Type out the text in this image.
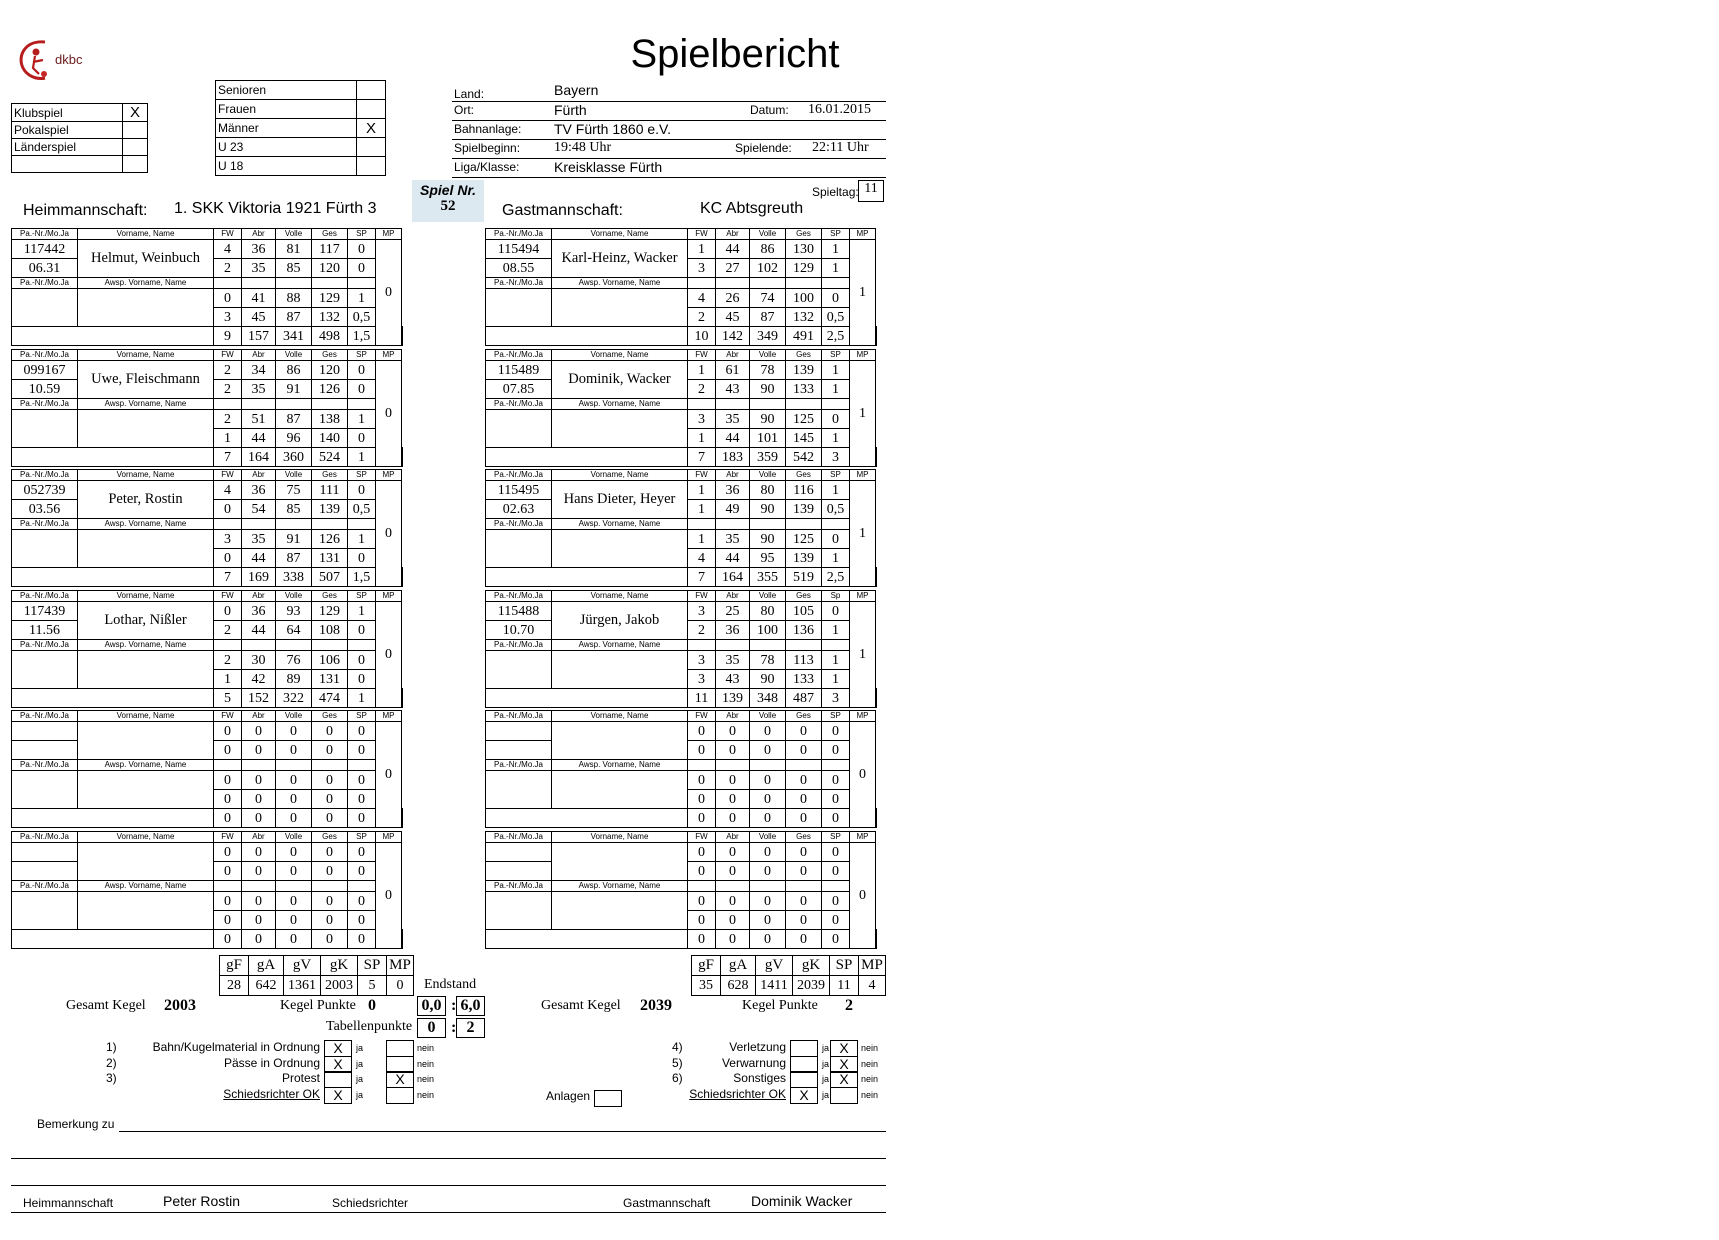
dkbc	Spielbericht
Klubspiel	X
Pokalspiel	
Länderspiel	

Senioren	
Frauen	
Männer	X
U 23	
U 18	
Land:	Bayern
Ort:	Fürth	Datum: 16.01.2015
Bahnanlage: TV Fürth 1860 e.V.
Spielbeginn: 19:48 Uhr	Spielende: 22:11 Uhr
Liga/Klasse: Kreisklasse Fürth
Spiel Nr.
52
Spieltag: 11
Heimmannschaft: 1. SKK Viktoria 1921 Fürth 3	Gastmannschaft:	KC Abtsgreuth
Pa.-Nr./Mo.Ja	Vorname, Name	FW	Abr	Volle	Ges	SP	MP	
117442	Helmut, Weinbuch	4	36	81	117	0	0	
06.31		2	35	85	120	0		
Pa.-Nr./Mo.Ja	Awsp. Vorname, Name							
		0	41	88	129	1		
		3	45	87	132	0,5		
		9	157	341	498	1,5		
Pa.-Nr./Mo.Ja	Vorname, Name	FW	Abr	Volle	Ges	SP	MP	
099167	Uwe, Fleischmann	2	34	86	120	0	0	
10.59		2	35	91	126	0		
Pa.-Nr./Mo.Ja	Awsp. Vorname, Name							
		2	51	87	138	1		
		1	44	96	140	0		
		7	164	360	524	1		
Pa.-Nr./Mo.Ja	Vorname, Name	FW	Abr	Volle	Ges	SP	MP	
052739	Peter, Rostin	4	36	75	111	0	0	
03.56		0	54	85	139	0,5		
Pa.-Nr./Mo.Ja	Awsp. Vorname, Name							
		3	35	91	126	1		
		0	44	87	131	0		
		7	169	338	507	1,5		
Pa.-Nr./Mo.Ja	Vorname, Name	FW	Abr	Volle	Ges	SP	MP	
117439	Lothar, Nißler	0	36	93	129	1	0	
11.56		2	44	64	108	0		
Pa.-Nr./Mo.Ja	Awsp. Vorname, Name							
		2	30	76	106	0		
		1	42	89	131	0		
		5	152	322	474	1		
Pa.-Nr./Mo.Ja	Vorname, Name	FW	Abr	Volle	Ges	SP	MP	
		0	0	0	0	0	0	
		0	0	0	0	0		
Pa.-Nr./Mo.Ja	Awsp. Vorname, Name							
		0	0	0	0	0		
		0	0	0	0	0		
		0	0	0	0	0		
Pa.-Nr./Mo.Ja	Vorname, Name	FW	Abr	Volle	Ges	SP	MP	
		0	0	0	0	0	0	
		0	0	0	0	0		
Pa.-Nr./Mo.Ja	Awsp. Vorname, Name							
		0	0	0	0	0		
		0	0	0	0	0		
		0	0	0	0	0		
Pa.-Nr./Mo.Ja	Vorname, Name	FW	Abr	Volle	Ges	SP	MP	
115494	Karl-Heinz, Wacker	1	44	86	130	1	1	
08.55		3	27	102	129	1		
Pa.-Nr./Mo.Ja	Awsp. Vorname, Name							
		4	26	74	100	0		
		2	45	87	132	0,5		
		10	142	349	491	2,5		
Pa.-Nr./Mo.Ja	Vorname, Name	FW	Abr	Volle	Ges	SP	MP	
115489	Dominik, Wacker	1	61	78	139	1	1	
07.85		2	43	90	133	1		
Pa.-Nr./Mo.Ja	Awsp. Vorname, Name							
		3	35	90	125	0		
		1	44	101	145	1		
		7	183	359	542	3		
Pa.-Nr./Mo.Ja	Vorname, Name	FW	Abr	Volle	Ges	SP	MP	
115495	Hans Dieter, Heyer	1	36	80	116	1	1	
02.63		1	49	90	139	0,5		
Pa.-Nr./Mo.Ja	Awsp. Vorname, Name							
		1	35	90	125	0		
		4	44	95	139	1		
		7	164	355	519	2,5		
Pa.-Nr./Mo.Ja	Vorname, Name	FW	Abr	Volle	Ges	Sp	MP	
115488	Jürgen, Jakob	3	25	80	105	0	1	
10.70		2	36	100	136	1		
Pa.-Nr./Mo.Ja	Awsp. Vorname, Name							
		3	35	78	113	1		
		3	43	90	133	1		
		11	139	348	487	3		
Pa.-Nr./Mo.Ja	Vorname, Name	FW	Abr	Volle	Ges	SP	MP	
		0	0	0	0	0	0	
		0	0	0	0	0		
Pa.-Nr./Mo.Ja	Awsp. Vorname, Name							
		0	0	0	0	0		
		0	0	0	0	0		
		0	0	0	0	0		
Pa.-Nr./Mo.Ja	Vorname, Name	FW	Abr	Volle	Ges	SP	MP	
		0	0	0	0	0	0	
		0	0	0	0	0		
Pa.-Nr./Mo.Ja	Awsp. Vorname, Name							
		0	0	0	0	0		
		0	0	0	0	0		
		0	0	0	0	0		
gF	gA	gV	gK	SP	MP
28	642	1361	2003	5	0
gF	gA	gV	gK	SP	MP
35	628	1411	2039	11	4
Endstand
Gesamt Kegel 2003	Kegel Punkte 0	0,0 : 6,0	Gesamt Kegel 2039	Kegel Punkte 2
Tabellenpunkte 0 : 2
1)	Bahn/Kugelmaterial in Ordnung X	ja	nein
2)	Pässe in Ordnung X	ja	nein
3)	Protest	ja	X	nein
Schiedsrichter OK X	ja	nein
4)	Verletzung	ja X	nein
5)	Verwarnung	ja X	nein
6)	Sonstiges	ja X	nein
Schiedsrichter OK X	ja	nein
Anlagen
Bemerkung zu
Heimmannschaft	Peter Rostin	Schiedsrichter	Gastmannschaft	Dominik Wacker
